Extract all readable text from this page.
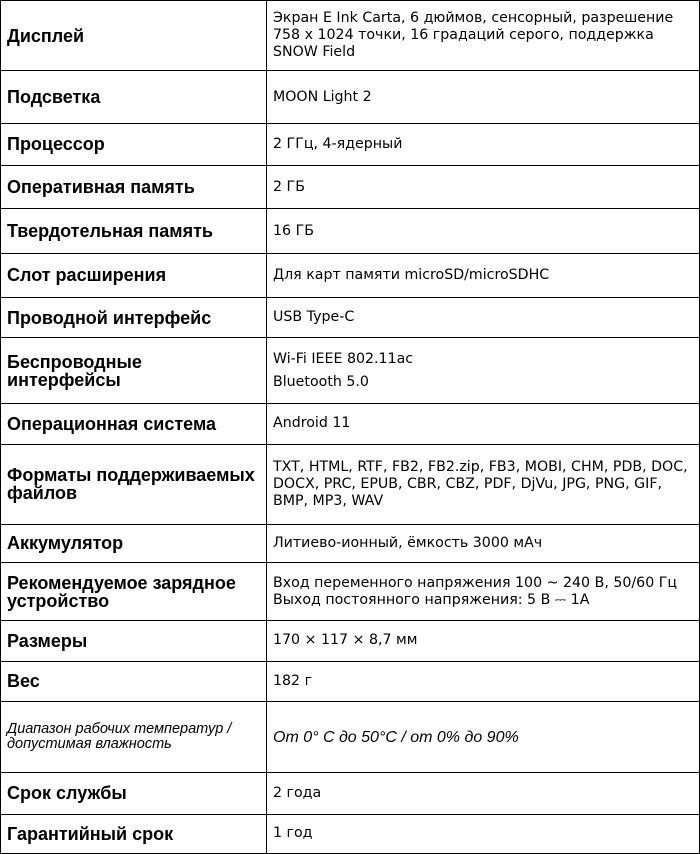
Дисплей	Экран E Ink Carta, 6 дюймов, сенсорный, разрешение 758 x 1024 точки, 16 градаций серого, поддержка SNOW Field
Подсветка	MOON Light 2
Процессор	2 ГГц, 4-ядерный
Оперативная память	2 ГБ
Твердотельная память	16 ГБ
Слот расширения	Для карт памяти microSD/microSDHC
Проводной интерфейс	USB Type-C
Беспроводные интерфейсы	Wi-Fi IEEE 802.11ac
Bluetooth 5.0

Операционная система	Android 11
Форматы поддерживаемых файлов	TXT, HTML, RTF, FB2, FB2.zip, FB3, MOBI, CHM, PDB, DOC, DOCX, PRC, EPUB, CBR, CBZ, PDF, DjVu, JPG, PNG, GIF, BMP, MP3, WAV
Аккумулятор	Литиево-ионный, ёмкость 3000 мАч
Рекомендуемое зарядное устройство	Вход переменного напряжения 100 ~ 240 В, 50/60 Гц
Выход постоянного напряжения: 5 В ⎓ 1А

Размеры	170 × 117 × 8,7 мм
Вес	182 г
Диапазон рабочих температур / допустимая влажность	От 0° С до 50°С / от 0% до 90%
Срок службы	2 года
Гарантийный срок	1 год
